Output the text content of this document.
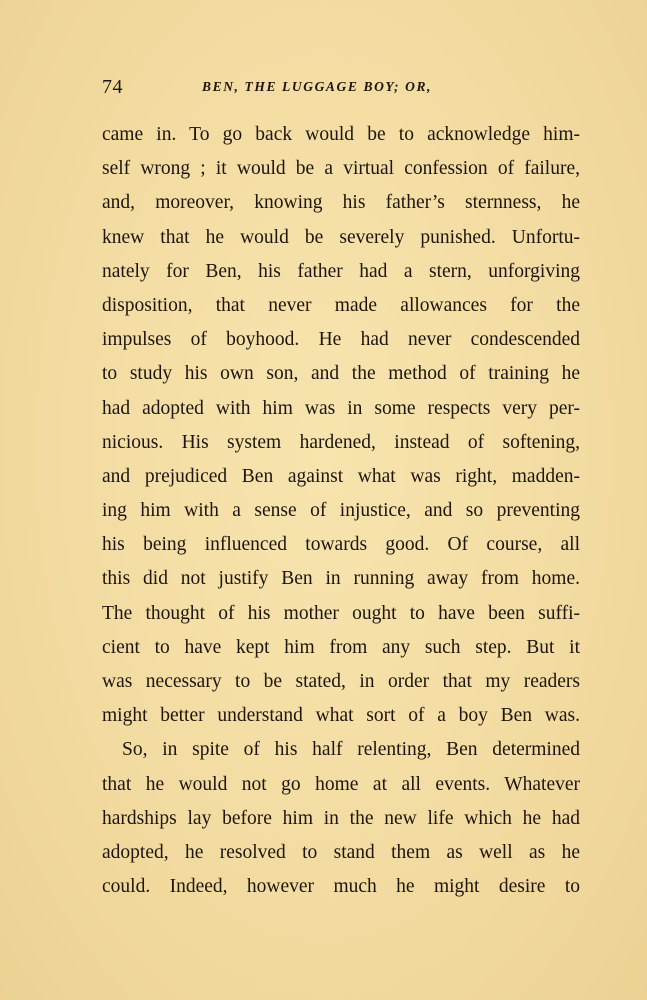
74	BEN, THE LUGGAGE BOY; OR,
came in. To go back would be to acknowledge him-
self wrong ; it would be a virtual confession of failure,
and, moreover, knowing his father’s sternness, he
knew that he would be severely punished. Unfortu-
nately for Ben, his father had a stern, unforgiving
disposition, that never made allowances for the
impulses of boyhood. He had never condescended
to study his own son, and the method of training he
had adopted with him was in some respects very per-
nicious. His system hardened, instead of softening,
and prejudiced Ben against what was right, madden-
ing him with a sense of injustice, and so preventing
his being influenced towards good. Of course, all
this did not justify Ben in running away from home.
The thought of his mother ought to have been suffi-
cient to have kept him from any such step. But it
was necessary to be stated, in order that my readers
might better understand what sort of a boy Ben was.
So, in spite of his half relenting, Ben determined
that he would not go home at all events. Whatever
hardships lay before him in the new life which he had
adopted, he resolved to stand them as well as he
could. Indeed, however much he might desire to
